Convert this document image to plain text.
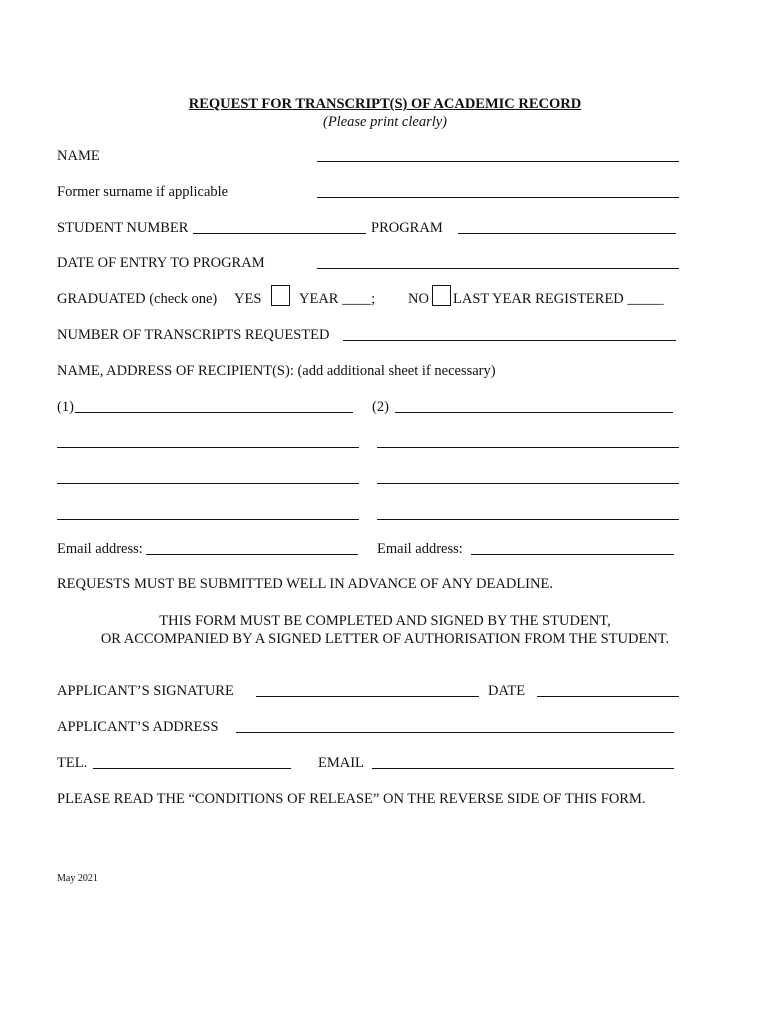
REQUEST FOR TRANSCRIPT(S) OF ACADEMIC RECORD
(Please print clearly)
NAME
Former surname if applicable
STUDENT NUMBER	PROGRAM
DATE OF ENTRY TO PROGRAM
GRADUATED (check one) YES	YEAR ____; NO LAST YEAR REGISTERED _____
NUMBER OF TRANSCRIPTS REQUESTED
NAME, ADDRESS OF RECIPIENT(S): (add additional sheet if necessary)
(1)	(2)
Email address:	Email address:
REQUESTS MUST BE SUBMITTED WELL IN ADVANCE OF ANY DEADLINE.
THIS FORM MUST BE COMPLETED AND SIGNED BY THE STUDENT,
OR ACCOMPANIED BY A SIGNED LETTER OF AUTHORISATION FROM THE STUDENT.
APPLICANT’S SIGNATURE	DATE
APPLICANT’S ADDRESS
TEL.	EMAIL
PLEASE READ THE “CONDITIONS OF RELEASE” ON THE REVERSE SIDE OF THIS FORM.
May 2021
